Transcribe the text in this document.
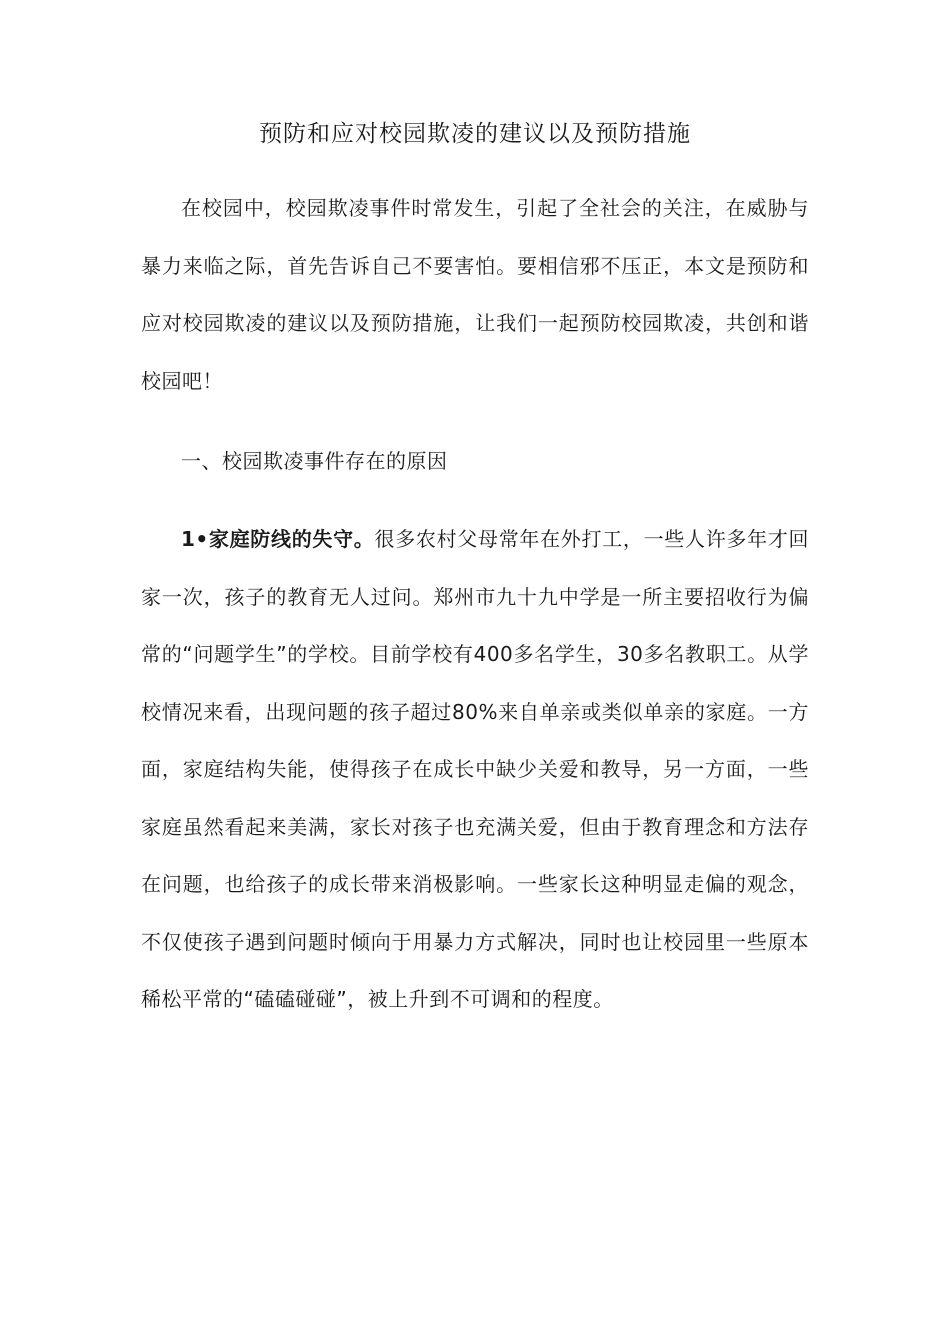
预防和应对校园欺凌的建议以及预防措施

在校园中，校园欺凌事件时常发生，引起了全社会的关注，在威胁与暴力来临之际，首先告诉自己不要害怕。要相信邪不压正，本文是预防和应对校园欺凌的建议以及预防措施，让我们一起预防校园欺凌，共创和谐校园吧！

一、校园欺凌事件存在的原因

1•家庭防线的失守。很多农村父母常年在外打工，一些人许多年才回家一次，孩子的教育无人过问。郑州市九十九中学是一所主要招收行为偏常的“问题学生”的学校。目前学校有400多名学生，30多名教职工。从学校情况来看，出现问题的孩子超过80%来自单亲或类似单亲的家庭。一方面，家庭结构失能，使得孩子在成长中缺少关爱和教导，另一方面，一些家庭虽然看起来美满，家长对孩子也充满关爱，但由于教育理念和方法存在问题，也给孩子的成长带来消极影响。一些家长这种明显走偏的观念，不仅使孩子遇到问题时倾向于用暴力方式解决，同时也让校园里一些原本稀松平常的“磕磕碰碰”，被上升到不可调和的程度。
